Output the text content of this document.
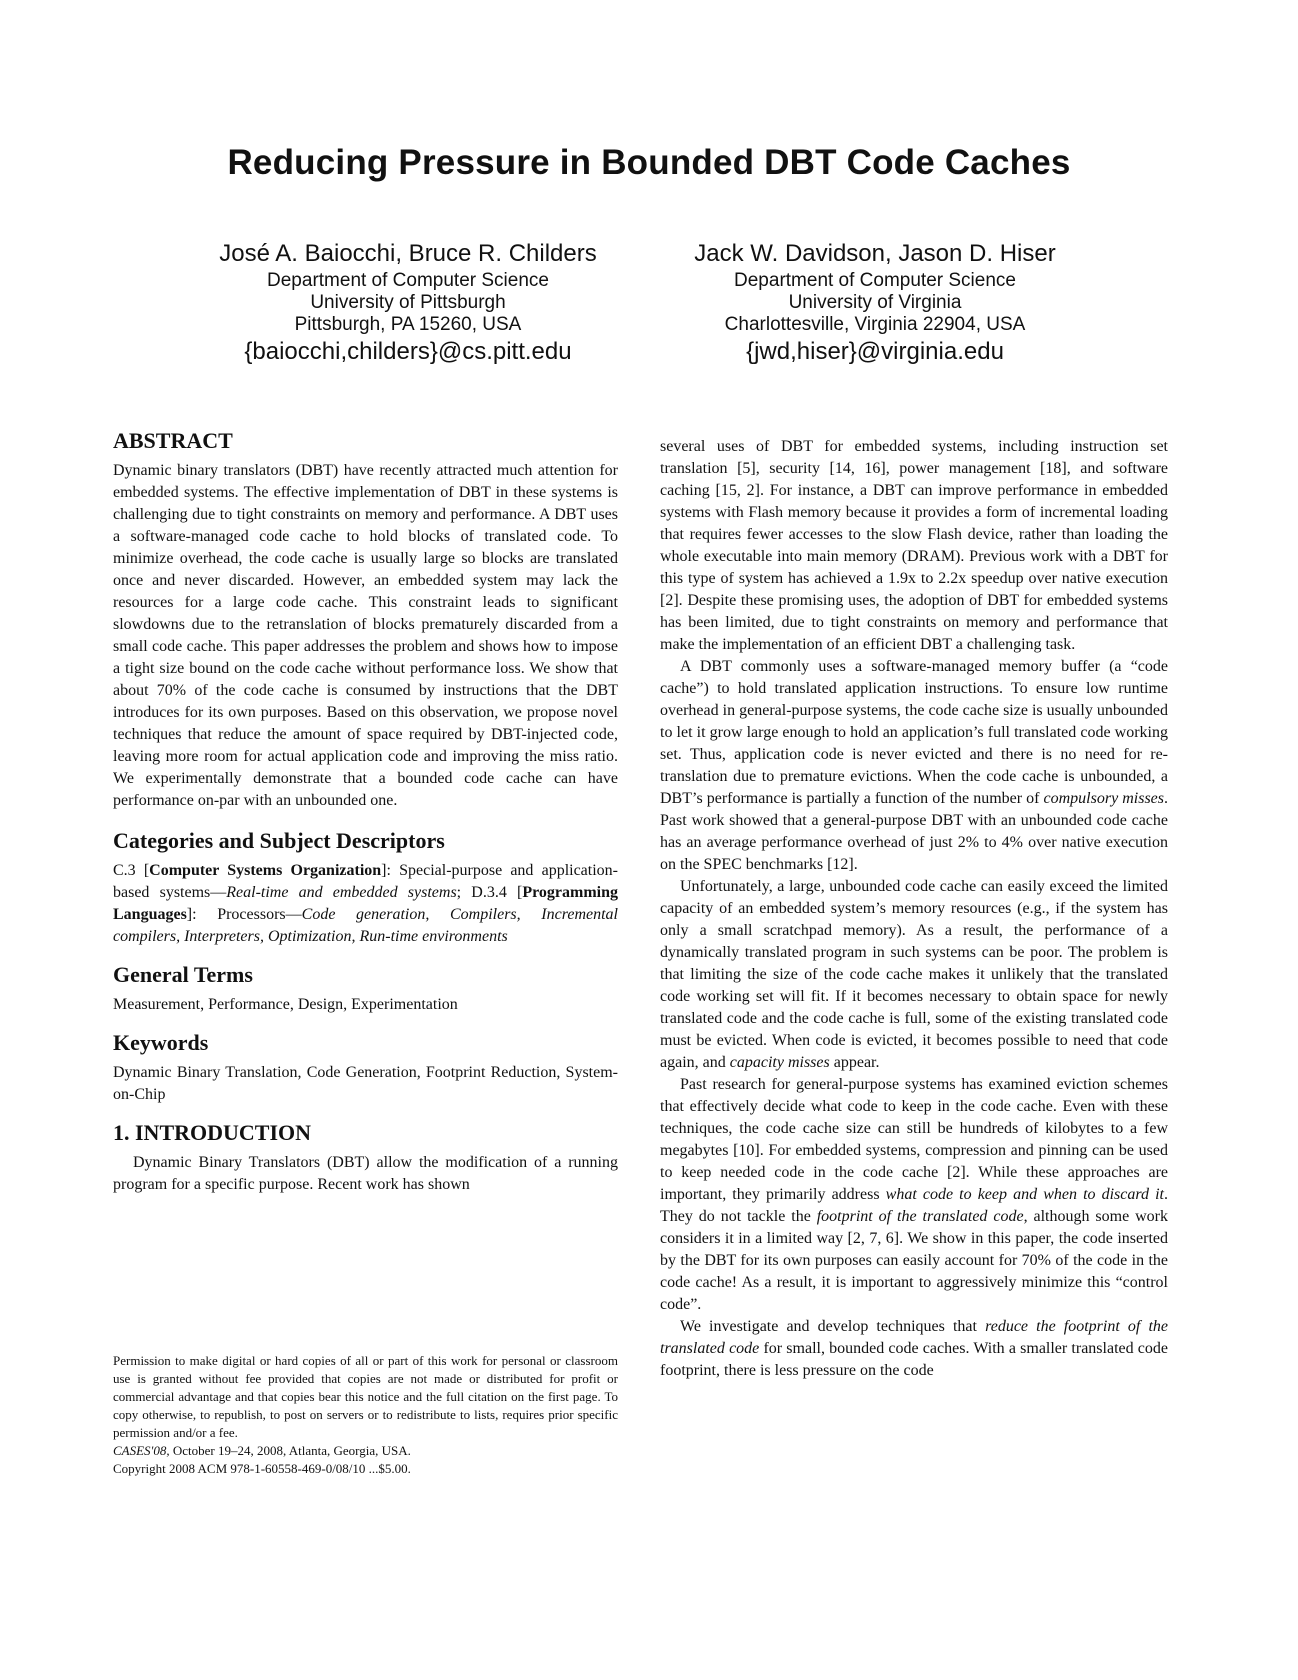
Reducing Pressure in Bounded DBT Code Caches
José A. Baiocchi, Bruce R. Childers
Department of Computer Science
University of Pittsburgh
Pittsburgh, PA 15260, USA
{baiocchi,childers}@cs.pitt.edu
Jack W. Davidson, Jason D. Hiser
Department of Computer Science
University of Virginia
Charlottesville, Virginia 22904, USA
{jwd,hiser}@virginia.edu
ABSTRACT

Dynamic binary translators (DBT) have recently attracted much attention for embedded systems. The effective implementation of DBT in these systems is challenging due to tight constraints on memory and performance. A DBT uses a software-managed code cache to hold blocks of translated code. To minimize overhead, the code cache is usually large so blocks are translated once and never discarded. However, an embedded system may lack the resources for a large code cache. This constraint leads to significant slowdowns due to the retranslation of blocks prematurely discarded from a small code cache. This paper addresses the problem and shows how to impose a tight size bound on the code cache without performance loss. We show that about 70% of the code cache is consumed by instructions that the DBT introduces for its own purposes. Based on this observation, we propose novel techniques that reduce the amount of space required by DBT-injected code, leaving more room for actual application code and improving the miss ratio. We experimentally demonstrate that a bounded code cache can have performance on-par with an unbounded one.

Categories and Subject Descriptors

C.3 [Computer Systems Organization]: Special-purpose and application-based systems—Real-time and embedded systems; D.3.4 [Programming Languages]: Processors—Code generation, Compilers, Incremental compilers, Interpreters, Optimization, Run-time environments

General Terms

Measurement, Performance, Design, Experimentation

Keywords

Dynamic Binary Translation, Code Generation, Footprint Reduction, System-on-Chip

1. INTRODUCTION

Dynamic Binary Translators (DBT) allow the modification of a running program for a specific purpose. Recent work has shown

Permission to make digital or hard copies of all or part of this work for personal or classroom use is granted without fee provided that copies are not made or distributed for profit or commercial advantage and that copies bear this notice and the full citation on the first page. To copy otherwise, to republish, to post on servers or to redistribute to lists, requires prior specific permission and/or a fee.

CASES'08, October 19–24, 2008, Atlanta, Georgia, USA.

Copyright 2008 ACM 978-1-60558-469-0/08/10 ...$5.00.

several uses of DBT for embedded systems, including instruction set translation [5], security [14, 16], power management [18], and software caching [15, 2]. For instance, a DBT can improve performance in embedded systems with Flash memory because it provides a form of incremental loading that requires fewer accesses to the slow Flash device, rather than loading the whole executable into main memory (DRAM). Previous work with a DBT for this type of system has achieved a 1.9x to 2.2x speedup over native execution [2]. Despite these promising uses, the adoption of DBT for embedded systems has been limited, due to tight constraints on memory and performance that make the implementation of an efficient DBT a challenging task.

A DBT commonly uses a software-managed memory buffer (a “code cache”) to hold translated application instructions. To ensure low runtime overhead in general-purpose systems, the code cache size is usually unbounded to let it grow large enough to hold an application’s full translated code working set. Thus, application code is never evicted and there is no need for re-translation due to premature evictions. When the code cache is unbounded, a DBT’s performance is partially a function of the number of compulsory misses. Past work showed that a general-purpose DBT with an unbounded code cache has an average performance overhead of just 2% to 4% over native execution on the SPEC benchmarks [12].

Unfortunately, a large, unbounded code cache can easily exceed the limited capacity of an embedded system’s memory resources (e.g., if the system has only a small scratchpad memory). As a result, the performance of a dynamically translated program in such systems can be poor. The problem is that limiting the size of the code cache makes it unlikely that the translated code working set will fit. If it becomes necessary to obtain space for newly translated code and the code cache is full, some of the existing translated code must be evicted. When code is evicted, it becomes possible to need that code again, and capacity misses appear.

Past research for general-purpose systems has examined eviction schemes that effectively decide what code to keep in the code cache. Even with these techniques, the code cache size can still be hundreds of kilobytes to a few megabytes [10]. For embedded systems, compression and pinning can be used to keep needed code in the code cache [2]. While these approaches are important, they primarily address what code to keep and when to discard it. They do not tackle the footprint of the translated code, although some work considers it in a limited way [2, 7, 6]. We show in this paper, the code inserted by the DBT for its own purposes can easily account for 70% of the code in the code cache! As a result, it is important to aggressively minimize this “control code”.

We investigate and develop techniques that reduce the footprint of the translated code for small, bounded code caches. With a smaller translated code footprint, there is less pressure on the code
